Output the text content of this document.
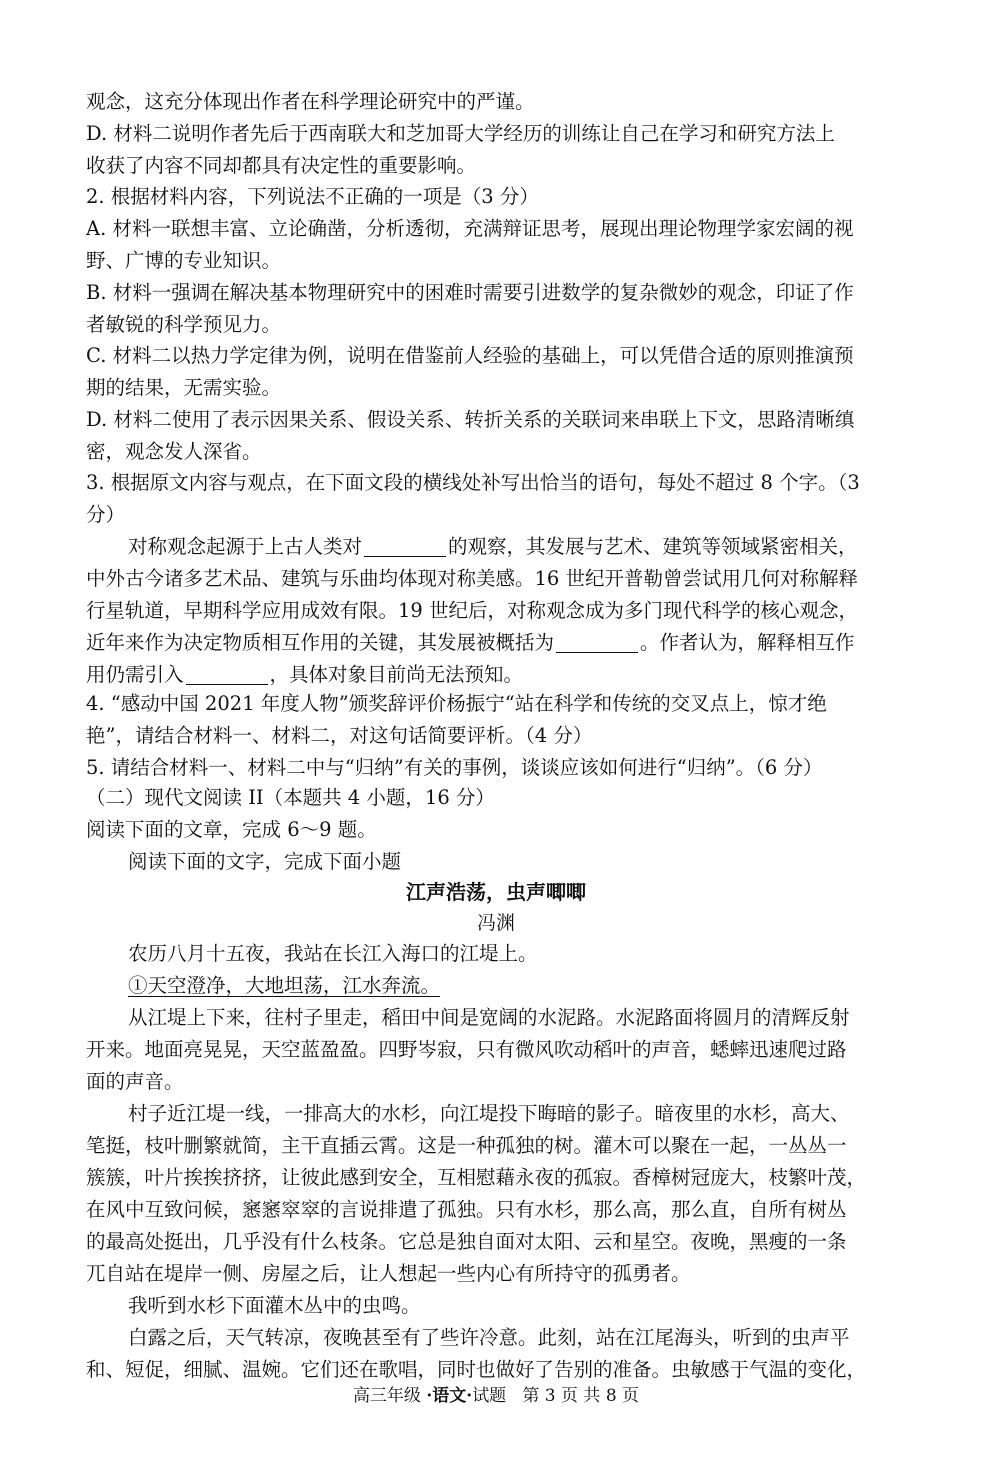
观念，这充分体现出作者在科学理论研究中的严谨。
D. 材料二说明作者先后于西南联大和芝加哥大学经历的训练让自己在学习和研究方法上
收获了内容不同却都具有决定性的重要影响。
2. 根据材料内容，下列说法不正确的一项是（3 分）
A. 材料一联想丰富、立论确凿，分析透彻，充满辩证思考，展现出理论物理学家宏阔的视
野、广博的专业知识。
B. 材料一强调在解决基本物理研究中的困难时需要引进数学的复杂微妙的观念，印证了作
者敏锐的科学预见力。
C. 材料二以热力学定律为例，说明在借鉴前人经验的基础上，可以凭借合适的原则推演预
期的结果，无需实验。
D. 材料二使用了表示因果关系、假设关系、转折关系的关联词来串联上下文，思路清晰缜
密，观念发人深省。
3. 根据原文内容与观点，在下面文段的横线处补写出恰当的语句，每处不超过 8 个字。（3
分）
对称观念起源于上古人类对	的观察，其发展与艺术、建筑等领域紧密相关，
中外古今诸多艺术品、建筑与乐曲均体现对称美感。16 世纪开普勒曾尝试用几何对称解释
行星轨道，早期科学应用成效有限。19 世纪后，对称观念成为多门现代科学的核心观念，
近年来作为决定物质相互作用的关键，其发展被概括为	。作者认为，解释相互作
用仍需引入	，具体对象目前尚无法预知。
4. “感动中国 2021 年度人物”颁奖辞评价杨振宁“站在科学和传统的交叉点上，惊才绝
艳”，请结合材料一、材料二，对这句话简要评析。（4 分）
5. 请结合材料一、材料二中与“归纳”有关的事例，谈谈应该如何进行“归纳”。（6 分）
（二）现代文阅读 II（本题共 4 小题，16 分）
阅读下面的文章，完成 6～9 题。
阅读下面的文字，完成下面小题
江声浩荡，虫声唧唧
冯渊
农历八月十五夜，我站在长江入海口的江堤上。
①天空澄净，大地坦荡，江水奔流。
从江堤上下来，往村子里走，稻田中间是宽阔的水泥路。水泥路面将圆月的清辉反射
开来。地面亮晃晃，天空蓝盈盈。四野岑寂，只有微风吹动稻叶的声音，蟋蟀迅速爬过路
面的声音。
村子近江堤一线，一排高大的水杉，向江堤投下晦暗的影子。暗夜里的水杉，高大、
笔挺，枝叶删繁就简，主干直插云霄。这是一种孤独的树。灌木可以聚在一起，一丛丛一
簇簇，叶片挨挨挤挤，让彼此感到安全，互相慰藉永夜的孤寂。香樟树冠庞大，枝繁叶茂，
在风中互致问候，窸窸窣窣的言说排遣了孤独。只有水杉，那么高，那么直，自所有树丛
的最高处挺出，几乎没有什么枝条。它总是独自面对太阳、云和星空。夜晚，黑瘦的一条
兀自站在堤岸一侧、房屋之后，让人想起一些内心有所持守的孤勇者。
我听到水杉下面灌木丛中的虫鸣。
白露之后，天气转凉，夜晚甚至有了些许冷意。此刻，站在江尾海头，听到的虫声平
和、短促，细腻、温婉。它们还在歌唱，同时也做好了告别的准备。虫敏感于气温的变化，
高三年级 ·语文·试题 第 3 页 共 8 页
